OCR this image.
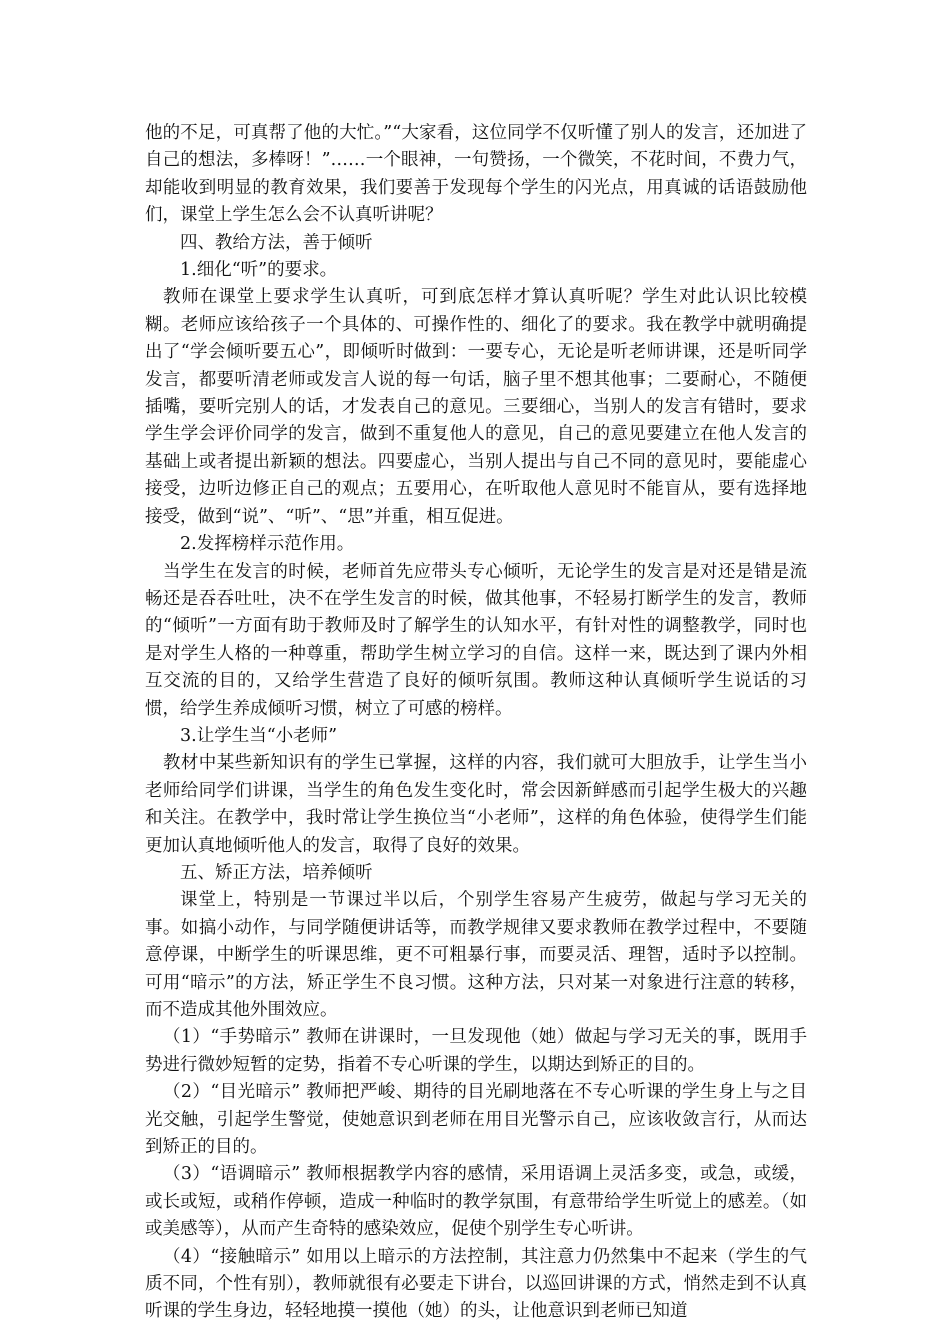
他的不足，可真帮了他的大忙。”“大家看，这位同学不仅听懂了别人的发言，还加进了自己的想法，多棒呀！”……一个眼神，一句赞扬，一个微笑，不花时间，不费力气，却能收到明显的教育效果，我们要善于发现每个学生的闪光点，用真诚的话语鼓励他们，课堂上学生怎么会不认真听讲呢？

四、教给方法，善于倾听

1.细化“听”的要求。

教师在课堂上要求学生认真听，可到底怎样才算认真听呢？学生对此认识比较模糊。老师应该给孩子一个具体的、可操作性的、细化了的要求。我在教学中就明确提出了“学会倾听要五心”，即倾听时做到：一要专心，无论是听老师讲课，还是听同学发言，都要听清老师或发言人说的每一句话，脑子里不想其他事；二要耐心，不随便插嘴，要听完别人的话，才发表自己的意见。三要细心，当别人的发言有错时，要求学生学会评价同学的发言，做到不重复他人的意见，自己的意见要建立在他人发言的基础上或者提出新颖的想法。四要虚心，当别人提出与自己不同的意见时，要能虚心接受，边听边修正自己的观点；五要用心，在听取他人意见时不能盲从，要有选择地接受，做到“说”、“听”、“思”并重，相互促进。

2.发挥榜样示范作用。

当学生在发言的时候，老师首先应带头专心倾听，无论学生的发言是对还是错是流畅还是吞吞吐吐，决不在学生发言的时候，做其他事，不轻易打断学生的发言，教师的“倾听”一方面有助于教师及时了解学生的认知水平，有针对性的调整教学，同时也是对学生人格的一种尊重，帮助学生树立学习的自信。这样一来，既达到了课内外相互交流的目的，又给学生营造了良好的倾听氛围。教师这种认真倾听学生说话的习惯，给学生养成倾听习惯，树立了可感的榜样。

3.让学生当“小老师”

教材中某些新知识有的学生已掌握，这样的内容，我们就可大胆放手，让学生当小老师给同学们讲课，当学生的角色发生变化时，常会因新鲜感而引起学生极大的兴趣和关注。在教学中，我时常让学生换位当“小老师”，这样的角色体验，使得学生们能更加认真地倾听他人的发言，取得了良好的效果。

五、矫正方法，培养倾听

课堂上，特别是一节课过半以后，个别学生容易产生疲劳，做起与学习无关的事。如搞小动作，与同学随便讲话等，而教学规律又要求教师在教学过程中，不要随意停课，中断学生的听课思维，更不可粗暴行事，而要灵活、理智，适时予以控制。可用“暗示”的方法，矫正学生不良习惯。这种方法，只对某一对象进行注意的转移，而不造成其他外围效应。

（1）“手势暗示” 教师在讲课时，一旦发现他（她）做起与学习无关的事，既用手势进行微妙短暂的定势，指着不专心听课的学生，以期达到矫正的目的。

（2）“目光暗示” 教师把严峻、期待的目光刷地落在不专心听课的学生身上与之目光交触，引起学生警觉，使她意识到老师在用目光警示自己，应该收敛言行，从而达到矫正的目的。

（3）“语调暗示” 教师根据教学内容的感情，采用语调上灵活多变，或急，或缓，或长或短，或稍作停顿，造成一种临时的教学氛围，有意带给学生听觉上的感差。（如或美感等），从而产生奇特的感染效应，促使个别学生专心听讲。

（4）“接触暗示” 如用以上暗示的方法控制，其注意力仍然集中不起来（学生的气质不同，个性有别），教师就很有必要走下讲台，以巡回讲课的方式，悄然走到不认真听课的学生身边，轻轻地摸一摸他（她）的头，让他意识到老师已知道
